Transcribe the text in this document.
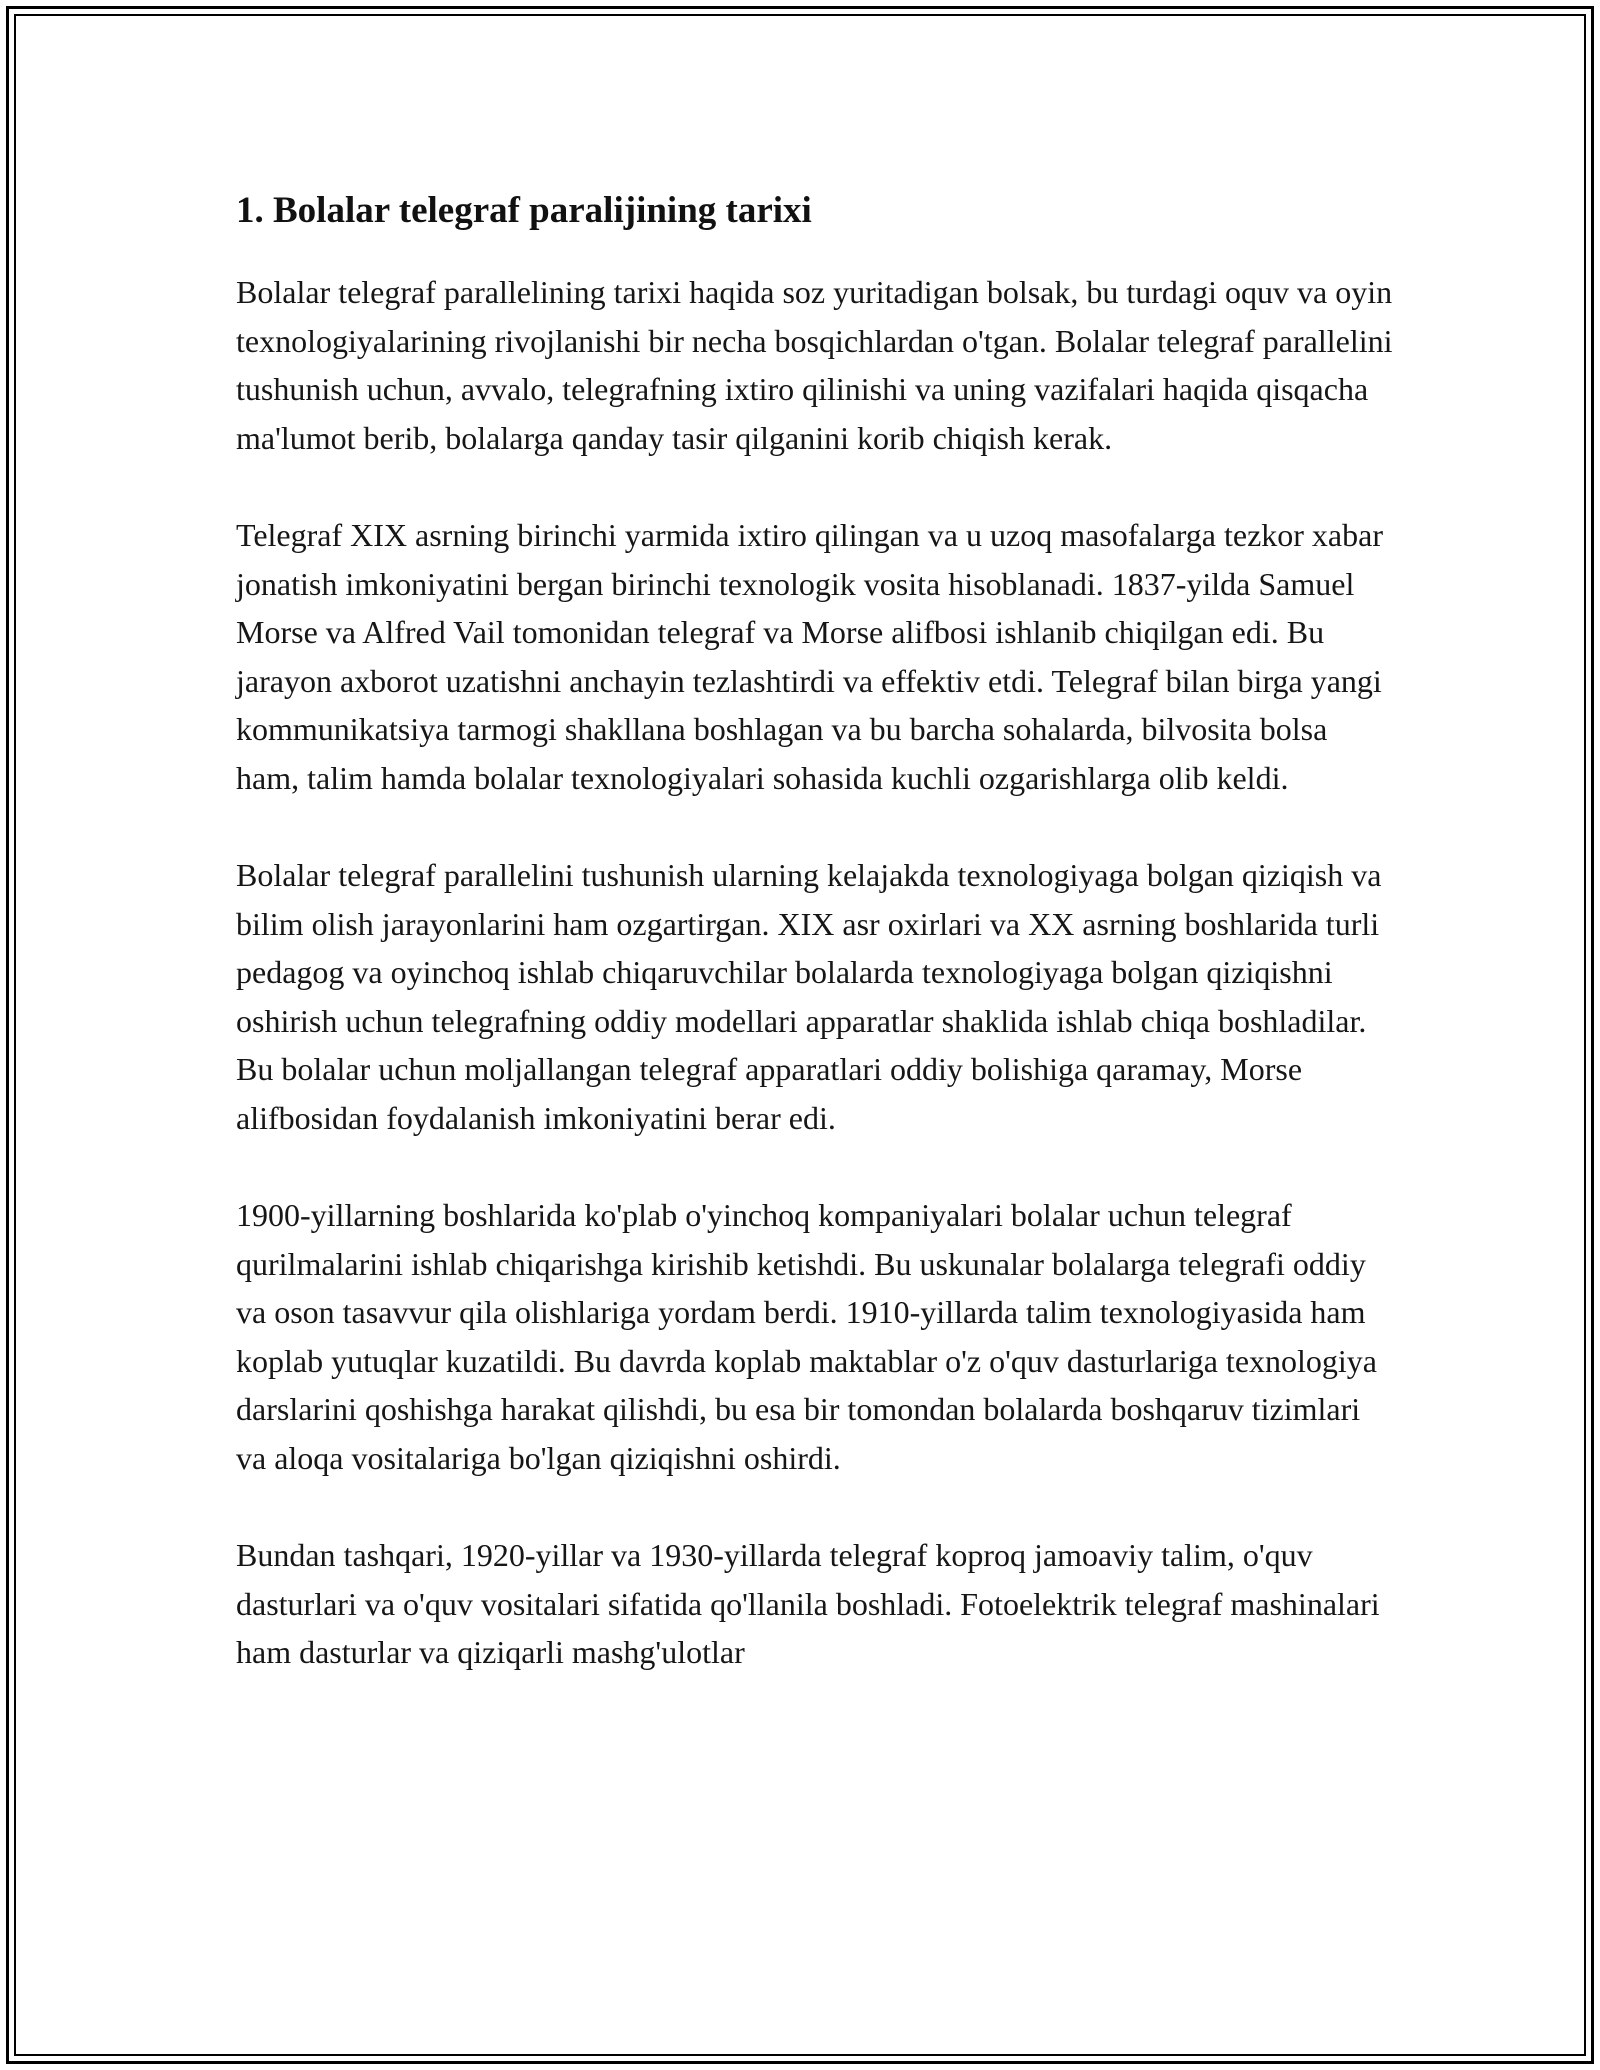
1. Bolalar telegraf paralijining tarixi

Bolalar telegraf parallelining tarixi haqida soz yuritadigan bolsak, bu turdagi oquv va oyin texnologiyalarining rivojlanishi bir necha bosqichlardan o'tgan. Bolalar telegraf parallelini tushunish uchun, avvalo, telegrafning ixtiro qilinishi va uning vazifalari haqida qisqacha ma'lumot berib, bolalarga qanday tasir qilganini korib chiqish kerak.

Telegraf XIX asrning birinchi yarmida ixtiro qilingan va u uzoq masofalarga tezkor xabar jonatish imkoniyatini bergan birinchi texnologik vosita hisoblanadi. 1837-yilda Samuel Morse va Alfred Vail tomonidan telegraf va Morse alifbosi ishlanib chiqilgan edi. Bu jarayon axborot uzatishni anchayin tezlashtirdi va effektiv etdi. Telegraf bilan birga yangi kommunikatsiya tarmogi shakllana boshlagan va bu barcha sohalarda, bilvosita bolsa ham, talim hamda bolalar texnologiyalari sohasida kuchli ozgarishlarga olib keldi.

Bolalar telegraf parallelini tushunish ularning kelajakda texnologiyaga bolgan qiziqish va bilim olish jarayonlarini ham ozgartirgan. XIX asr oxirlari va XX asrning boshlarida turli pedagog va oyinchoq ishlab chiqaruvchilar bolalarda texnologiyaga bolgan qiziqishni oshirish uchun telegrafning oddiy modellari apparatlar shaklida ishlab chiqa boshladilar. Bu bolalar uchun moljallangan telegraf apparatlari oddiy bolishiga qaramay, Morse alifbosidan foydalanish imkoniyatini berar edi.

1900-yillarning boshlarida ko'plab o'yinchoq kompaniyalari bolalar uchun telegraf qurilmalarini ishlab chiqarishga kirishib ketishdi. Bu uskunalar bolalarga telegrafi oddiy va oson tasavvur qila olishlariga yordam berdi. 1910-yillarda talim texnologiyasida ham koplab yutuqlar kuzatildi. Bu davrda koplab maktablar o'z o'quv dasturlariga texnologiya darslarini qoshishga harakat qilishdi, bu esa bir tomondan bolalarda boshqaruv tizimlari va aloqa vositalariga bo'lgan qiziqishni oshirdi.

Bundan tashqari, 1920-yillar va 1930-yillarda telegraf koproq jamoaviy talim, o'quv dasturlari va o'quv vositalari sifatida qo'llanila boshladi. Fotoelektrik telegraf mashinalari ham dasturlar va qiziqarli mashg'ulotlar
